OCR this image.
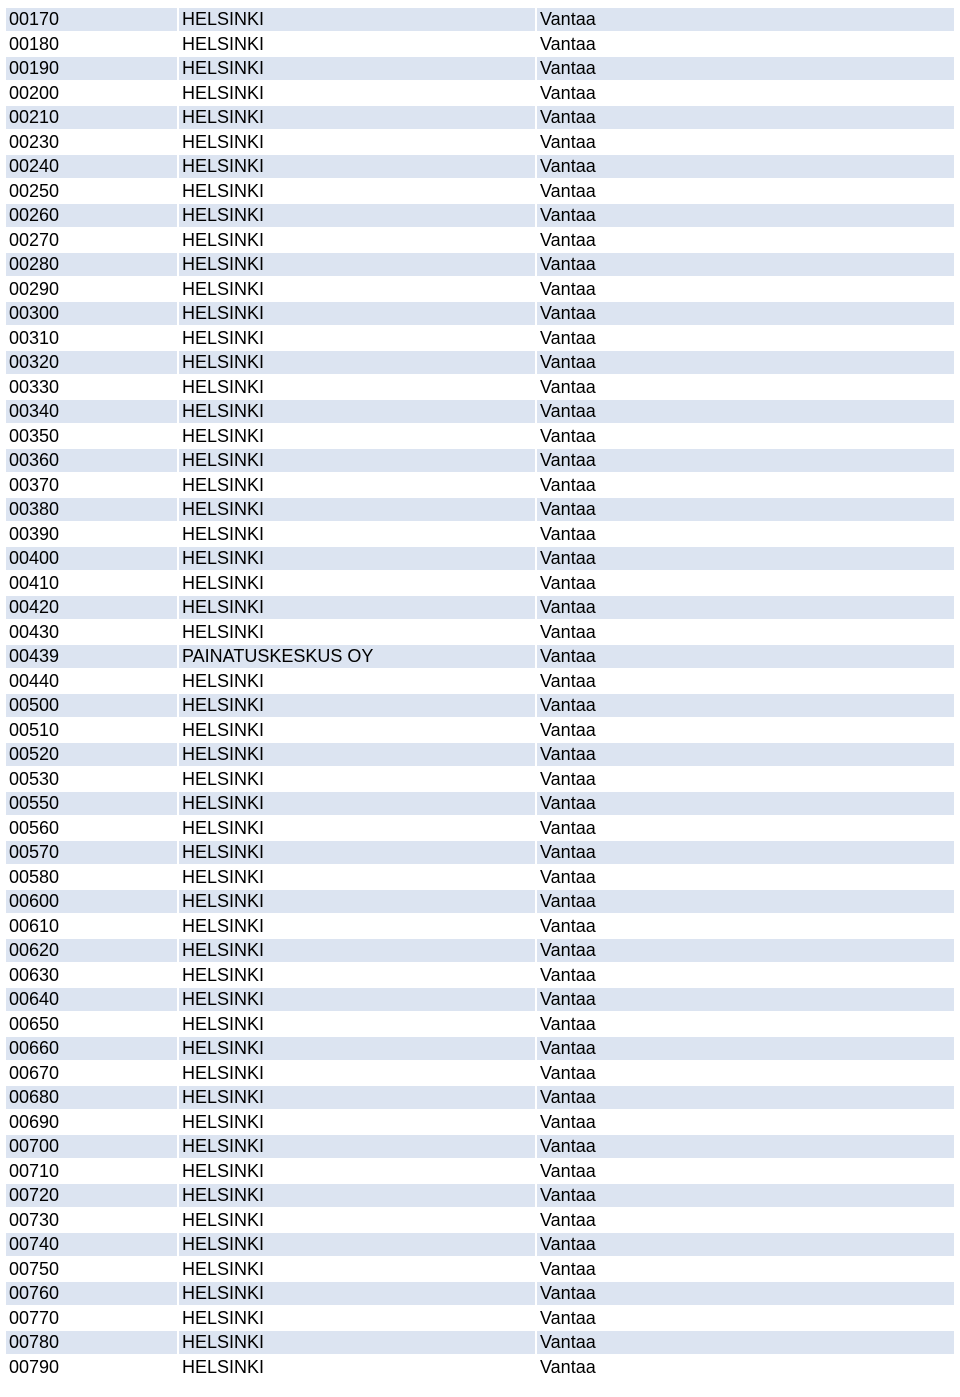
00170	HELSINKI	Vantaa
00180	HELSINKI	Vantaa
00190	HELSINKI	Vantaa
00200	HELSINKI	Vantaa
00210	HELSINKI	Vantaa
00230	HELSINKI	Vantaa
00240	HELSINKI	Vantaa
00250	HELSINKI	Vantaa
00260	HELSINKI	Vantaa
00270	HELSINKI	Vantaa
00280	HELSINKI	Vantaa
00290	HELSINKI	Vantaa
00300	HELSINKI	Vantaa
00310	HELSINKI	Vantaa
00320	HELSINKI	Vantaa
00330	HELSINKI	Vantaa
00340	HELSINKI	Vantaa
00350	HELSINKI	Vantaa
00360	HELSINKI	Vantaa
00370	HELSINKI	Vantaa
00380	HELSINKI	Vantaa
00390	HELSINKI	Vantaa
00400	HELSINKI	Vantaa
00410	HELSINKI	Vantaa
00420	HELSINKI	Vantaa
00430	HELSINKI	Vantaa
00439	PAINATUSKESKUS OY	Vantaa
00440	HELSINKI	Vantaa
00500	HELSINKI	Vantaa
00510	HELSINKI	Vantaa
00520	HELSINKI	Vantaa
00530	HELSINKI	Vantaa
00550	HELSINKI	Vantaa
00560	HELSINKI	Vantaa
00570	HELSINKI	Vantaa
00580	HELSINKI	Vantaa
00600	HELSINKI	Vantaa
00610	HELSINKI	Vantaa
00620	HELSINKI	Vantaa
00630	HELSINKI	Vantaa
00640	HELSINKI	Vantaa
00650	HELSINKI	Vantaa
00660	HELSINKI	Vantaa
00670	HELSINKI	Vantaa
00680	HELSINKI	Vantaa
00690	HELSINKI	Vantaa
00700	HELSINKI	Vantaa
00710	HELSINKI	Vantaa
00720	HELSINKI	Vantaa
00730	HELSINKI	Vantaa
00740	HELSINKI	Vantaa
00750	HELSINKI	Vantaa
00760	HELSINKI	Vantaa
00770	HELSINKI	Vantaa
00780	HELSINKI	Vantaa
00790	HELSINKI	Vantaa
